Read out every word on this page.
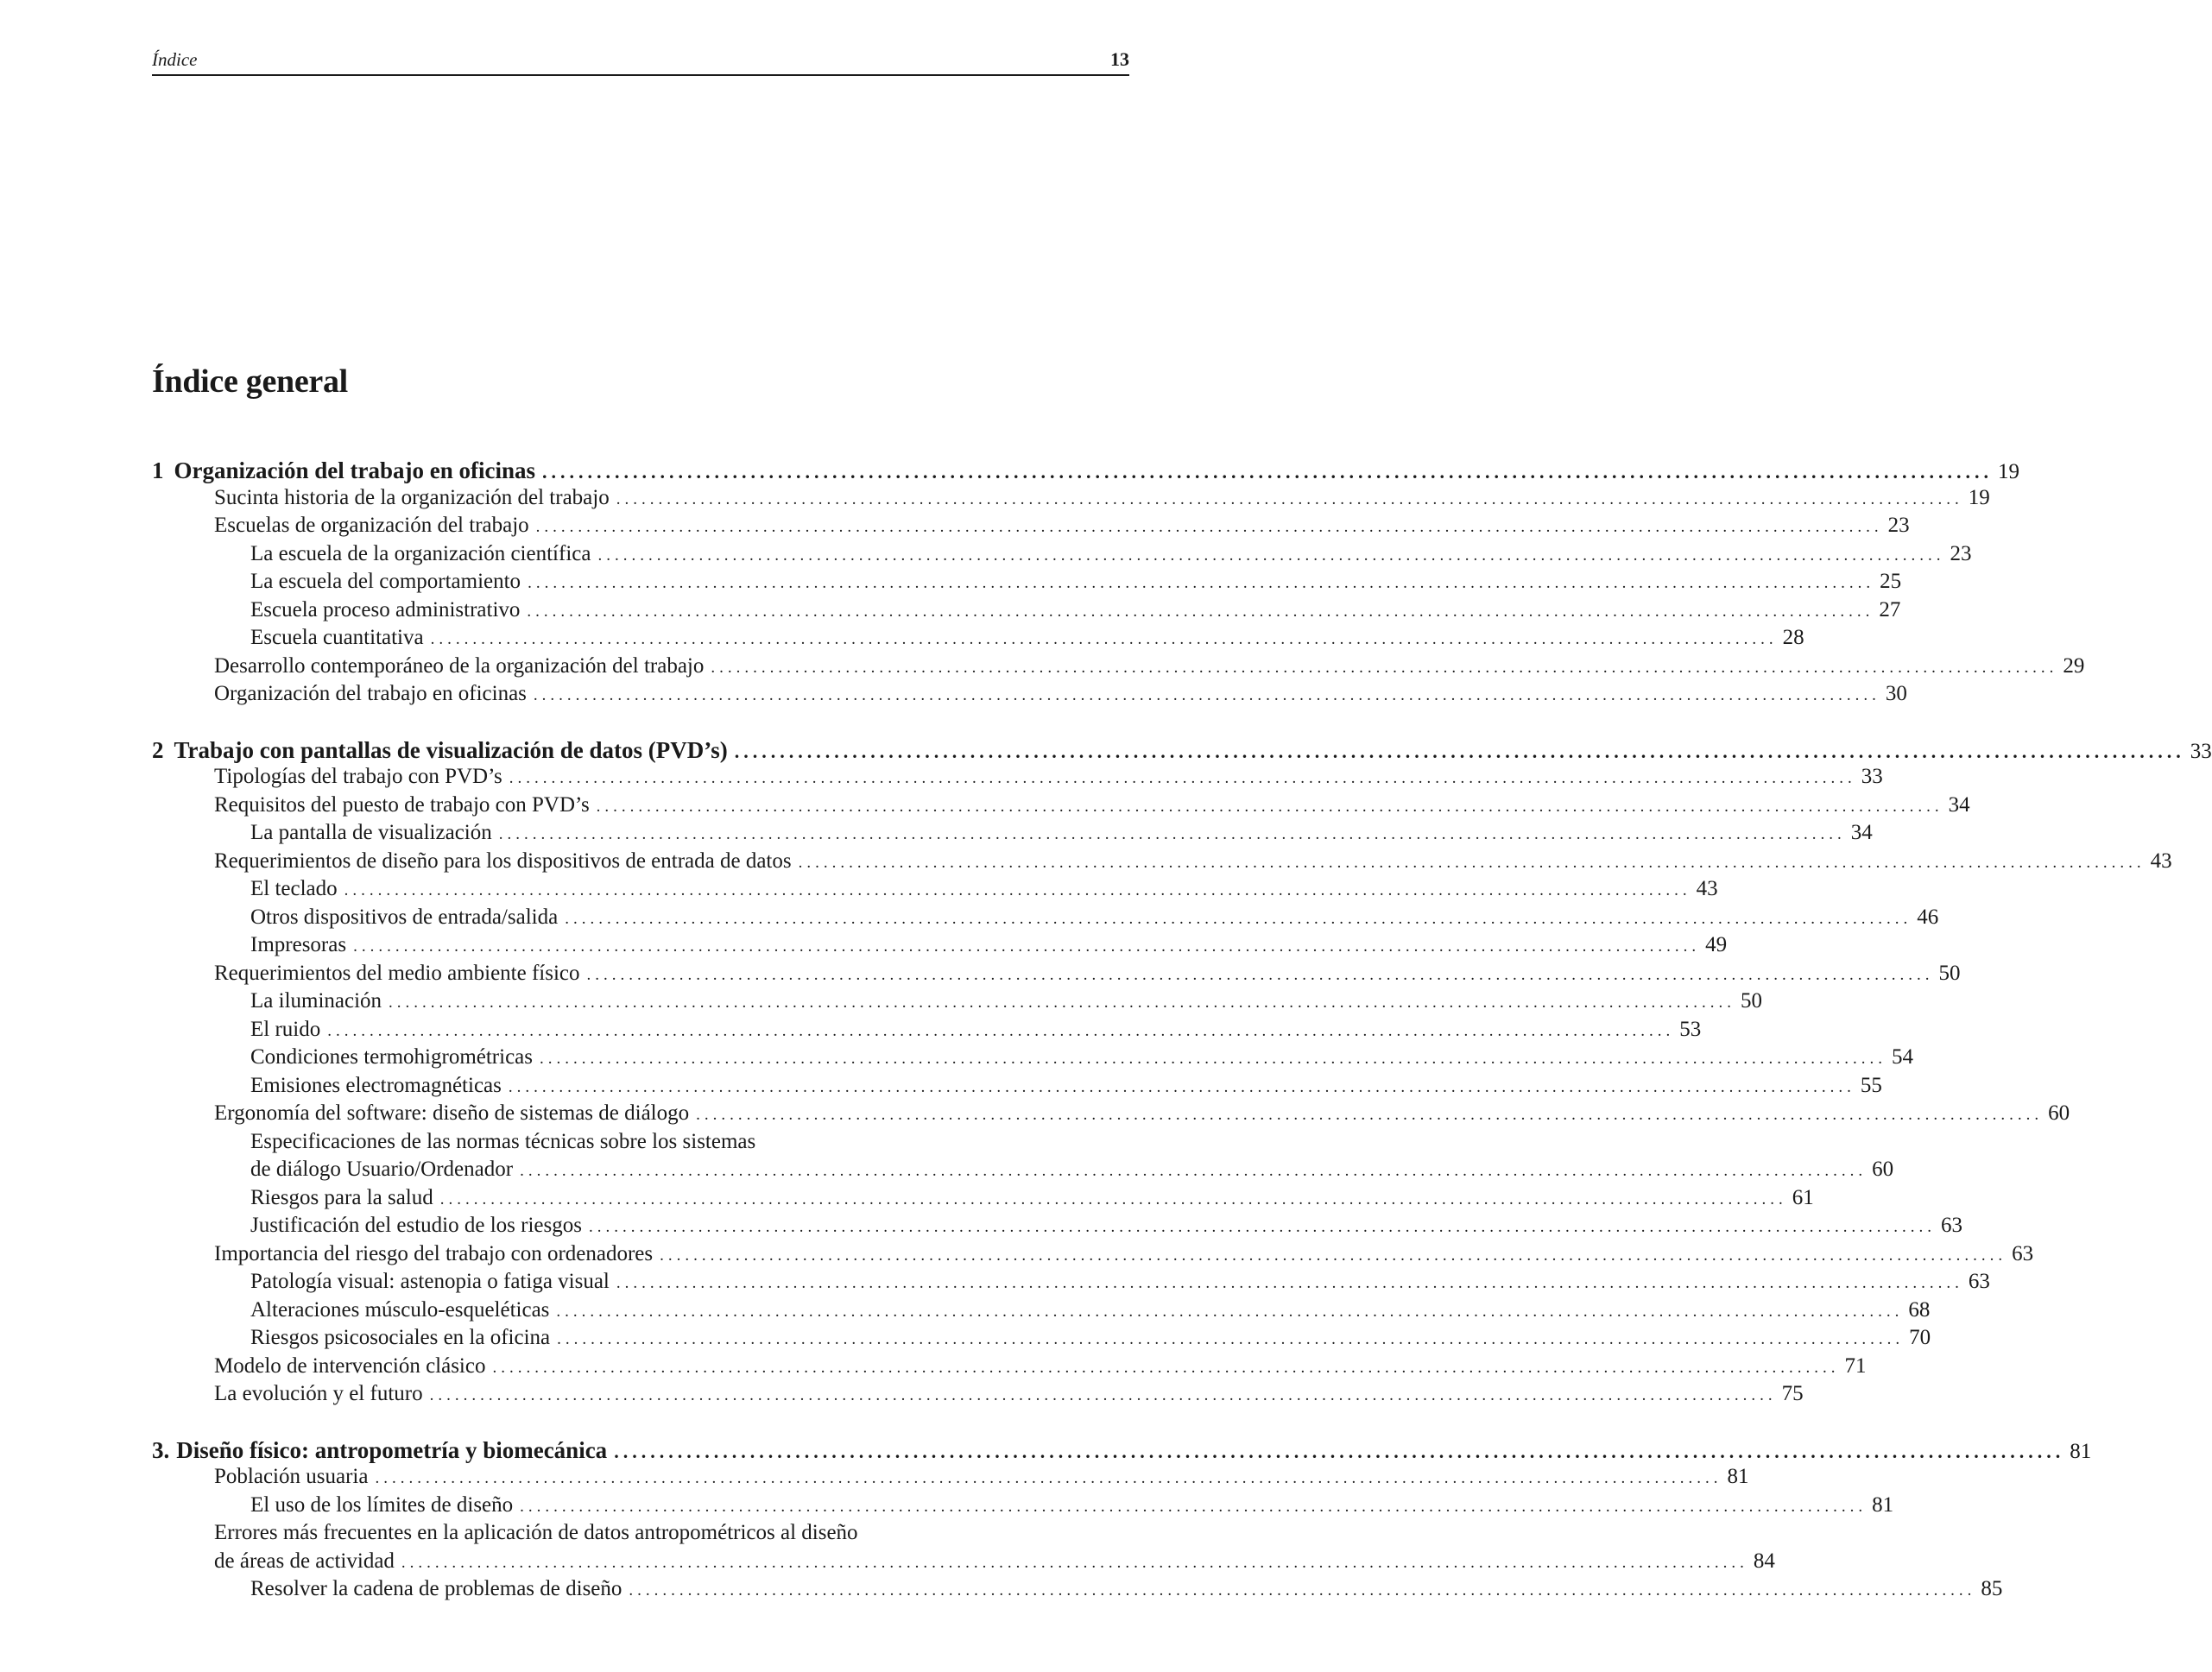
Índice	13
Índice general
1 Organización del trabajo en oficinas ................................................................................................................................................................ 19
Sucinta historia de la organización del trabajo ................................................................................................................................................................ 19
Escuelas de organización del trabajo ................................................................................................................................................................ 23
La escuela de la organización científica ................................................................................................................................................................ 23
La escuela del comportamiento ................................................................................................................................................................ 25
Escuela proceso administrativo ................................................................................................................................................................ 27
Escuela cuantitativa ................................................................................................................................................................ 28
Desarrollo contemporáneo de la organización del trabajo ................................................................................................................................................................ 29
Organización del trabajo en oficinas ................................................................................................................................................................ 30
2 Trabajo con pantallas de visualización de datos (PVD’s) ................................................................................................................................................................ 33
Tipologías del trabajo con PVD’s ................................................................................................................................................................ 33
Requisitos del puesto de trabajo con PVD’s ................................................................................................................................................................ 34
La pantalla de visualización ................................................................................................................................................................ 34
Requerimientos de diseño para los dispositivos de entrada de datos ................................................................................................................................................................ 43
El teclado ................................................................................................................................................................ 43
Otros dispositivos de entrada/salida ................................................................................................................................................................ 46
Impresoras ................................................................................................................................................................ 49
Requerimientos del medio ambiente físico ................................................................................................................................................................ 50
La iluminación ................................................................................................................................................................ 50
El ruido ................................................................................................................................................................ 53
Condiciones termohigrométricas ................................................................................................................................................................ 54
Emisiones electromagnéticas ................................................................................................................................................................ 55
Ergonomía del software: diseño de sistemas de diálogo ................................................................................................................................................................ 60
Especificaciones de las normas técnicas sobre los sistemas
de diálogo Usuario/Ordenador ................................................................................................................................................................ 60
Riesgos para la salud ................................................................................................................................................................ 61
Justificación del estudio de los riesgos ................................................................................................................................................................ 63
Importancia del riesgo del trabajo con ordenadores ................................................................................................................................................................ 63
Patología visual: astenopia o fatiga visual ................................................................................................................................................................ 63
Alteraciones músculo-esqueléticas ................................................................................................................................................................ 68
Riesgos psicosociales en la oficina ................................................................................................................................................................ 70
Modelo de intervención clásico ................................................................................................................................................................ 71
La evolución y el futuro ................................................................................................................................................................ 75
3. Diseño físico: antropometría y biomecánica ................................................................................................................................................................ 81
Población usuaria ................................................................................................................................................................ 81
El uso de los límites de diseño ................................................................................................................................................................ 81
Errores más frecuentes en la aplicación de datos antropométricos al diseño
de áreas de actividad ................................................................................................................................................................ 84
Resolver la cadena de problemas de diseño ................................................................................................................................................................ 85
